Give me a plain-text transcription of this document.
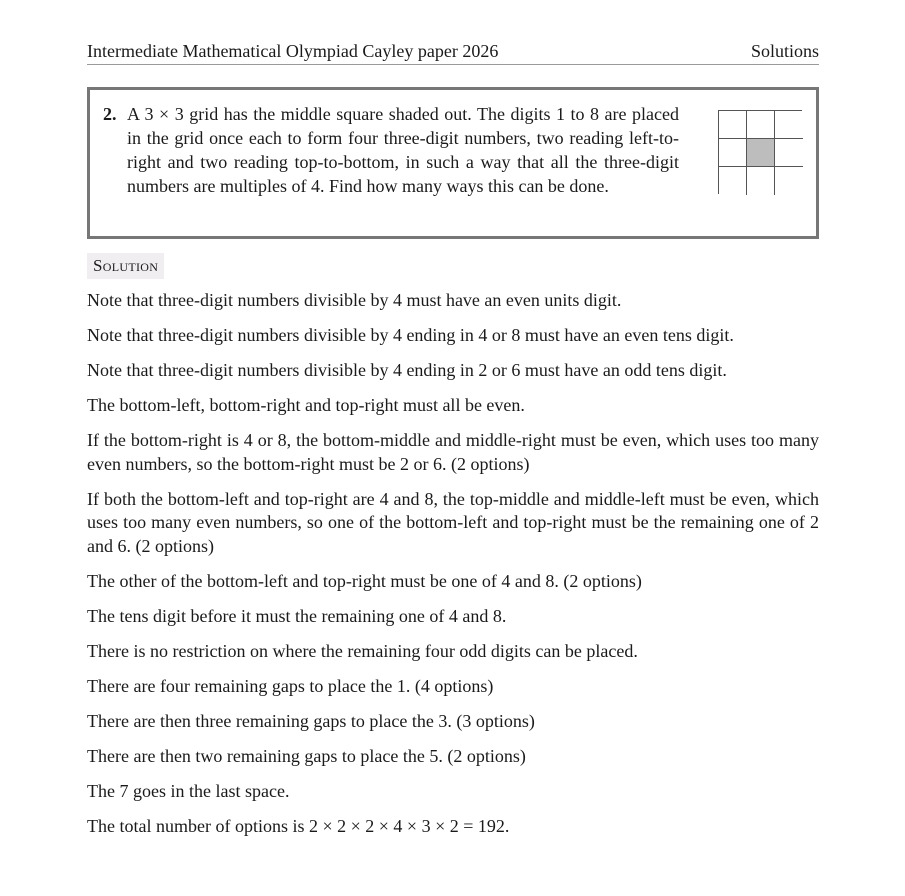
Intermediate Mathematical Olympiad Cayley paper 2026	Solutions
2. A 3 × 3 grid has the middle square shaded out. The digits 1 to 8 are placed in the grid once each to form four three-digit numbers, two reading left-to-right and two reading top-to-bottom, in such a way that all the three-digit numbers are multiples of 4. Find how many ways this can be done.
Solution

Note that three-digit numbers divisible by 4 must have an even units digit.

Note that three-digit numbers divisible by 4 ending in 4 or 8 must have an even tens digit.

Note that three-digit numbers divisible by 4 ending in 2 or 6 must have an odd tens digit.

The bottom-left, bottom-right and top-right must all be even.

If the bottom-right is 4 or 8, the bottom-middle and middle-right must be even, which uses too many even numbers, so the bottom-right must be 2 or 6. (2 options)

If both the bottom-left and top-right are 4 and 8, the top-middle and middle-left must be even, which uses too many even numbers, so one of the bottom-left and top-right must be the remaining one of 2 and 6. (2 options)

The other of the bottom-left and top-right must be one of 4 and 8. (2 options)

The tens digit before it must the remaining one of 4 and 8.

There is no restriction on where the remaining four odd digits can be placed.

There are four remaining gaps to place the 1. (4 options)

There are then three remaining gaps to place the 3. (3 options)

There are then two remaining gaps to place the 5. (2 options)

The 7 goes in the last space.

The total number of options is 2 × 2 × 2 × 4 × 3 × 2 = 192.
